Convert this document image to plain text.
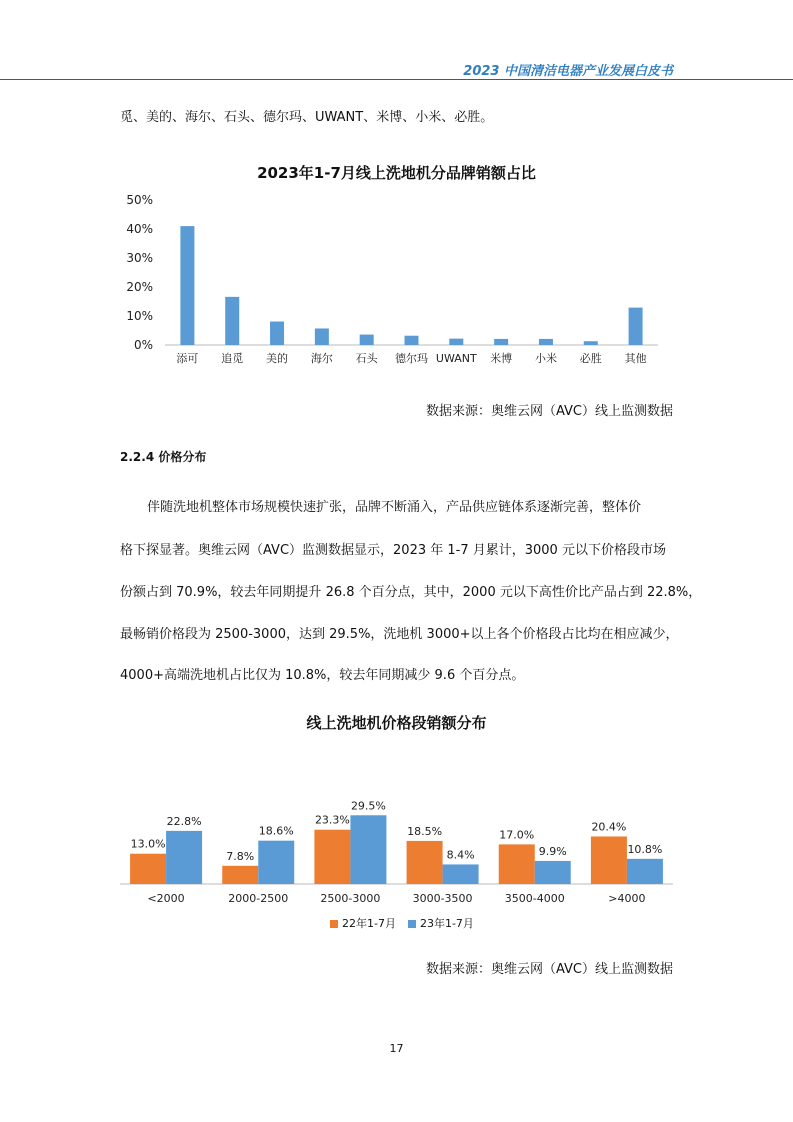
2023 中国清洁电器产业发展白皮书
觅、美的、海尔、石头、德尔玛、UWANT、米博、小米、必胜。
2023年1-7月线上洗地机分品牌销额占比
0%
10%
20%
30%
40%
50%
添可 追觅 美的 海尔 石头 德尔玛 UWANT 米博 小米 必胜 其他
数据来源：奥维云网（AVC）线上监测数据
2.2.4 价格分布
伴随洗地机整体市场规模快速扩张，品牌不断涌入，产品供应链体系逐渐完善，整体价
格下探显著。奥维云网（AVC）监测数据显示，2023 年 1-7 月累计，3000 元以下价格段市场
份额占到 70.9%，较去年同期提升 26.8 个百分点，其中，2000 元以下高性价比产品占到 22.8%，
最畅销价格段为 2500-3000，达到 29.5%，洗地机 3000+以上各个价格段占比均在相应减少，
4000+高端洗地机占比仅为 10.8%，较去年同期减少 9.6 个百分点。
线上洗地机价格段销额分布
13.0%
22.8%
<2000
7.8%
18.6%
2000-2500
23.3%
29.5%
2500-3000
18.5%
8.4%
3000-3500
17.0%
9.9%
3500-4000
20.4%
10.8%
>4000
22年1-7月	23年1-7月
数据来源：奥维云网（AVC）线上监测数据
17
